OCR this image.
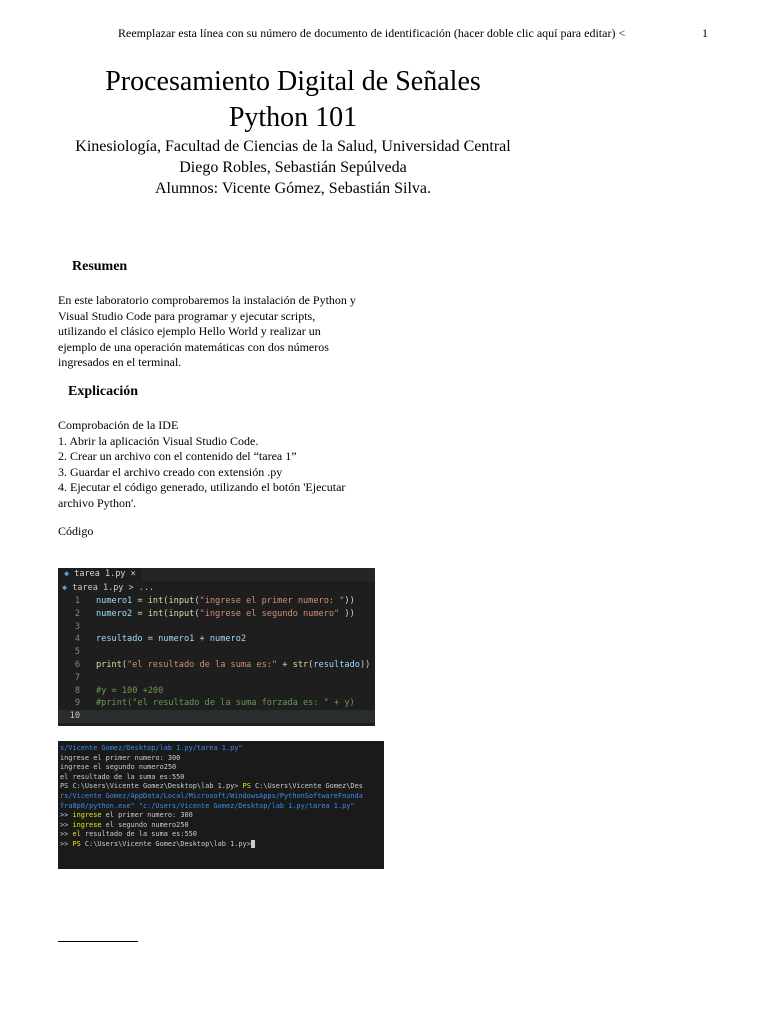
Reemplazar esta línea con su número de documento de identificación (hacer doble clic aquí para editar) <	1
Procesamiento Digital de Señales
Python 101
Kinesiología, Facultad de Ciencias de la Salud, Universidad Central
Diego Robles, Sebastián Sepúlveda
Alumnos: Vicente Gómez, Sebastián Silva.
Resumen
En este laboratorio comprobaremos la instalación de Python y
Visual Studio Code para programar y ejecutar scripts,
utilizando el clásico ejemplo Hello World y realizar un
ejemplo de una operación matemáticas con dos números
ingresados en el terminal.
Explicación
Comprobación de la IDE
1. Abrir la aplicación Visual Studio Code.
2. Crear un archivo con el contenido del “tarea 1”
3. Guardar el archivo creado con extensión .py
4. Ejecutar el código generado, utilizando el botón 'Ejecutar
archivo Python'.
Código
◆ tarea 1.py ×
◆ tarea 1.py > ...
1 numero1 = int(input("ingrese el primer numero: "))
2 numero2 = int(input("ingrese el segundo numero" ))
3
4 resultado = numero1 + numero2
5
6 print("el resultado de la suma es:" + str(resultado))
7
8 #y = 100 +200
9 #print("el resultado de la suma forzada es: " + y)
10
s/Vicente Gomez/Desktop/lab 1.py/tarea 1.py"
ingrese el primer numero: 300
ingrese el segundo numero250
el resultado de la suma es:550
PS C:\Users\Vicente Gomez\Desktop\lab 1.py> PS C:\Users\Vicente Gomez\Des
rs/Vicente Gomez/AppData/Local/Microsoft/WindowsApps/PythonSoftwareFounda
fra8p0/python.exe" "c:/Users/Vicente Gomez/Desktop/lab 1.py/tarea 1.py"
>> ingrese el primer numero: 300
>> ingrese el segundo numero250
>> el resultado de la suma es:550
>> PS C:\Users\Vicente Gomez\Desktop\lab 1.py>
